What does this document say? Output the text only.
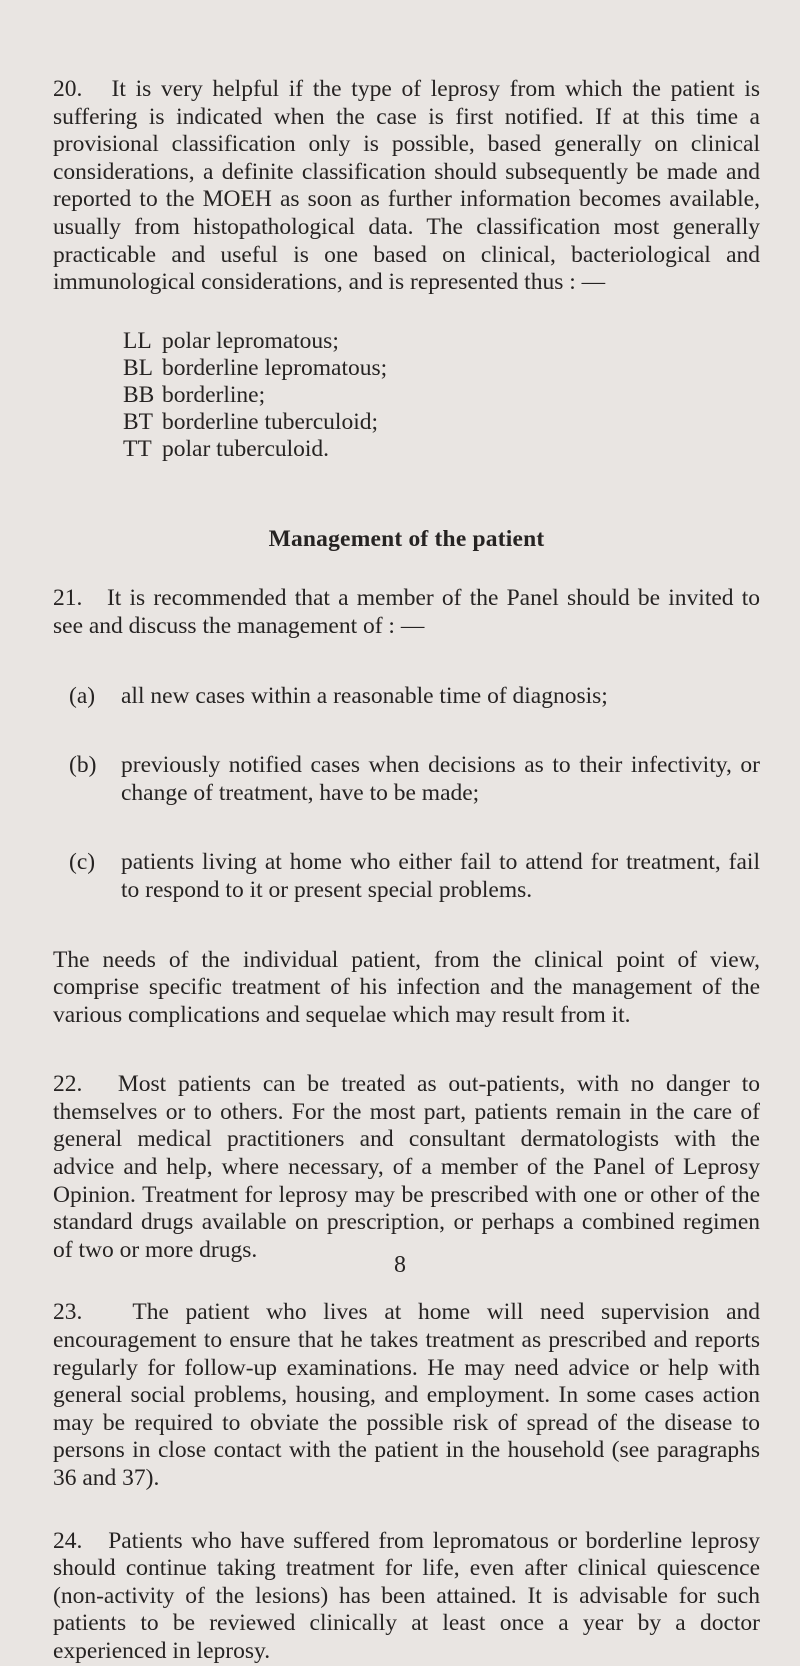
20. It is very helpful if the type of leprosy from which the patient is suffering is indicated when the case is first notified. If at this time a provisional classification only is possible, based generally on clinical considerations, a definite classification should subsequently be made and reported to the MOEH as soon as further information becomes available, usually from histopathological data. The classification most generally practicable and useful is one based on clinical, bacteriological and immunological considerations, and is represented thus : —

LL polar lepromatous;
BL borderline lepromatous;
BB borderline;
BT borderline tuberculoid;
TT polar tuberculoid.

Management of the patient

21. It is recommended that a member of the Panel should be invited to see and discuss the management of : —

(a)	all new cases within a reasonable time of diagnosis;
(b)	previously notified cases when decisions as to their infectivity, or change of treatment, have to be made;
(c)	patients living at home who either fail to attend for treatment, fail to respond to it or present special problems.

The needs of the individual patient, from the clinical point of view, comprise specific treatment of his infection and the management of the various complications and sequelae which may result from it.

22. Most patients can be treated as out-patients, with no danger to themselves or to others. For the most part, patients remain in the care of general medical practitioners and consultant dermatologists with the advice and help, where necessary, of a member of the Panel of Leprosy Opinion. Treatment for leprosy may be prescribed with one or other of the standard drugs available on prescription, or perhaps a combined regimen of two or more drugs.

23. The patient who lives at home will need supervision and encouragement to ensure that he takes treatment as prescribed and reports regularly for follow-up examinations. He may need advice or help with general social problems, housing, and employment. In some cases action may be required to obviate the possible risk of spread of the disease to persons in close contact with the patient in the household (see paragraphs 36 and 37).

24. Patients who have suffered from lepromatous or borderline leprosy should continue taking treatment for life, even after clinical quiescence (non-activity of the lesions) has been attained. It is advisable for such patients to be reviewed clinically at least once a year by a doctor experienced in leprosy.

8
